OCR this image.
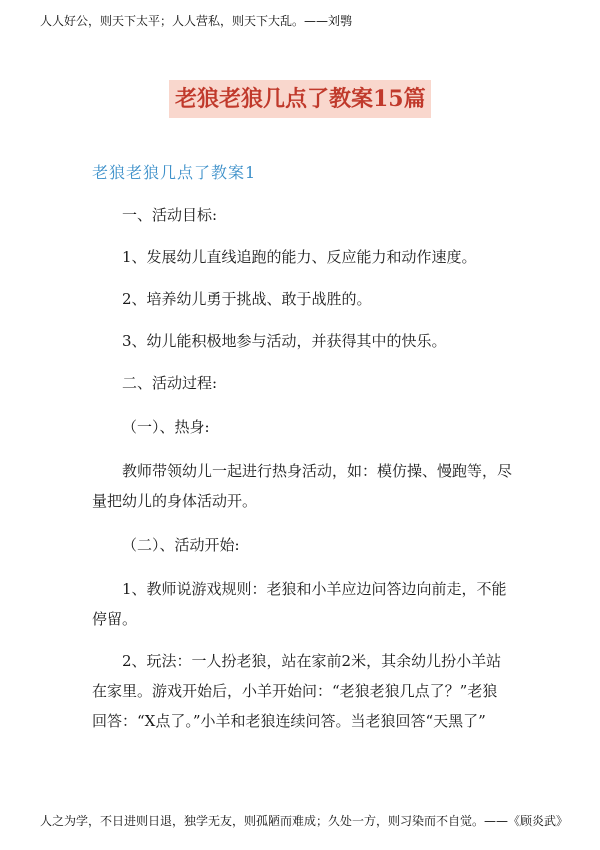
人人好公，则天下太平；人人营私，则天下大乱。——刘鹗
老狼老狼几点了教案15篇
老狼老狼几点了教案1
一、活动目标:
1、发展幼儿直线追跑的能力、反应能力和动作速度。
2、培养幼儿勇于挑战、敢于战胜的。
3、幼儿能积极地参与活动，并获得其中的快乐。
二、活动过程:
（一）、热身:
教师带领幼儿一起进行热身活动，如：模仿操、慢跑等，尽量把幼儿的身体活动开。
（二）、活动开始:
1、教师说游戏规则：老狼和小羊应边问答边向前走，不能停留。
2、玩法：一人扮老狼，站在家前2米，其余幼儿扮小羊站在家里。游戏开始后，小羊开始问：“老狼老狼几点了？”老狼回答：“X点了。”小羊和老狼连续问答。当老狼回答“天黑了”
人之为学，不日进则日退，独学无友，则孤陋而难成；久处一方，则习染而不自觉。——《顾炎武》
